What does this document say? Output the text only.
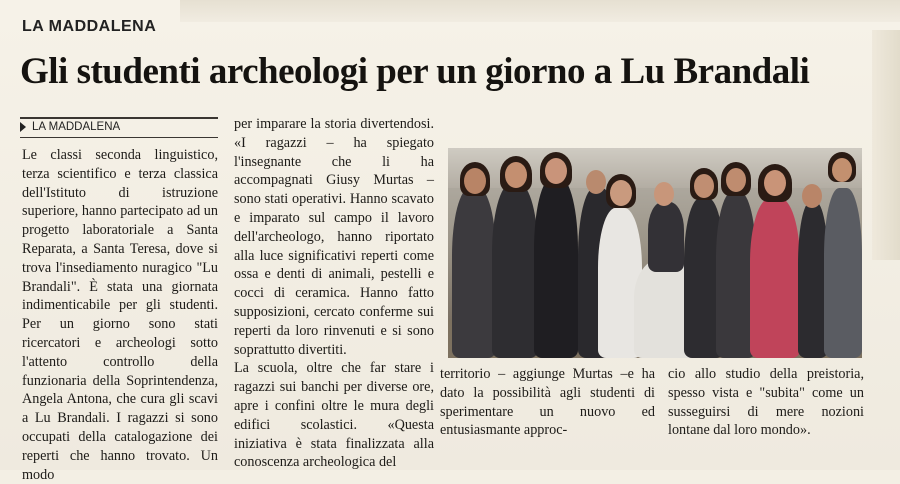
LA MADDALENA
Gli studenti archeologi per un giorno a Lu Brandali
LA MADDALENA
Le classi seconda linguistico, terza scientifico e terza classica dell'Istituto di istruzione superiore, hanno partecipato ad un progetto laboratoriale a Santa Reparata, a Santa Teresa, dove si trova l'insediamento nuragico "Lu Brandali". È stata una giornata indimenticabile per gli studenti. Per un giorno sono stati ricercatori e archeologi sotto l'attento controllo della funzionaria della Soprintendenza, Angela Antona, che cura gli scavi a Lu Brandali. I ragazzi si sono occupati della catalogazione dei reperti che hanno trovato. Un modo
per imparare la storia divertendosi. «I ragazzi – ha spiegato l'insegnante che li ha accompagnati Giusy Murtas – sono stati operativi. Hanno scavato e imparato sul campo il lavoro dell'archeologo, hanno riportato alla luce significativi reperti come ossa e denti di animali, pestelli e cocci di ceramica. Hanno fatto supposizioni, cercato conferme sui reperti da loro rinvenuti e si sono soprattutto divertiti.
La scuola, oltre che far stare i ragazzi sui banchi per diverse ore, apre i confini oltre le mura degli edifici scolastici. «Questa iniziativa è stata finalizzata alla conoscenza archeologica del
territorio – aggiunge Murtas –e ha dato la possibilità agli studenti di sperimentare un nuovo ed entusiasmante approc-
cio allo studio della preistoria, spesso vista e "subita" come un susseguirsi di mere nozioni lontane dal loro mondo».
